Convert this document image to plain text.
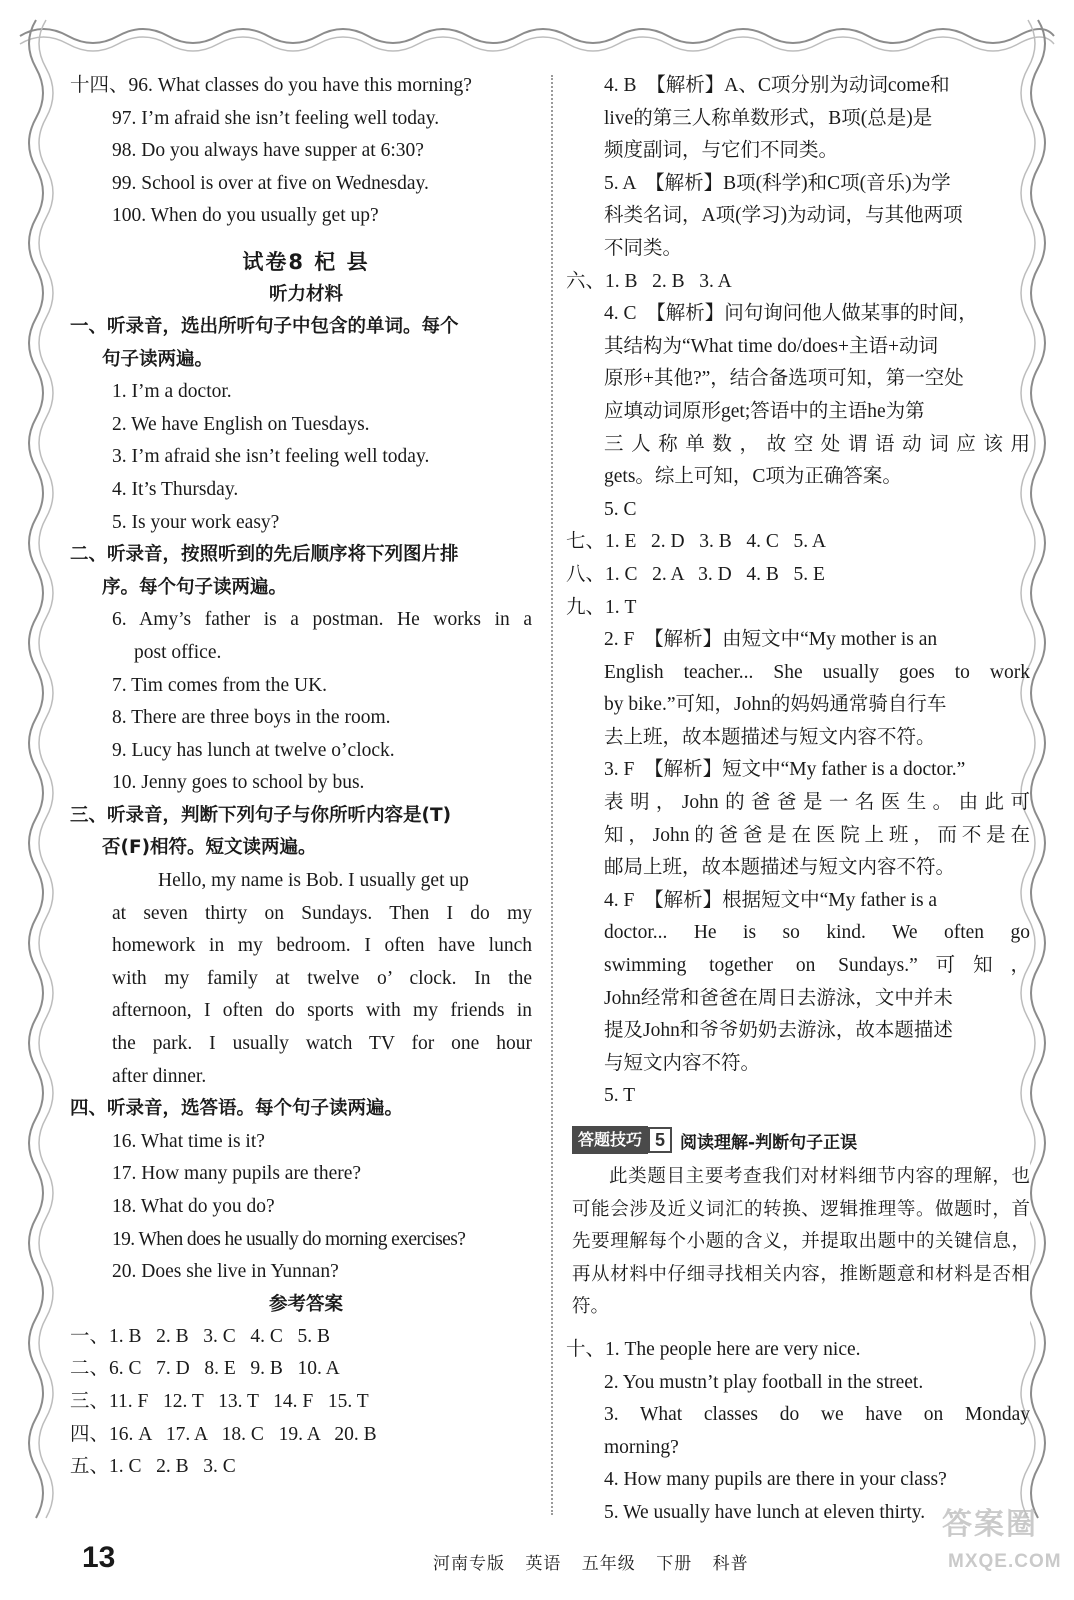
十四、96. What classes do you have this morning?
97. I’m afraid she isn’t feeling well today.
98. Do you always have supper at 6:30?
99. School is over at five on Wednesday.
100. When do you usually get up?
试卷8 杞 县
听力材料
一、听录音，选出所听句子中包含的单词。每个
句子读两遍。
1. I’m a doctor.
2. We have English on Tuesdays.
3. I’m afraid she isn’t feeling well today.
4. It’s Thursday.
5. Is your work easy?
二、听录音，按照听到的先后顺序将下列图片排
序。每个句子读两遍。
6. Amy’s father is a postman. He works in a
post office.
7. Tim comes from the UK.
8. There are three boys in the room.
9. Lucy has lunch at twelve o’clock.
10. Jenny goes to school by bus.
三、听录音，判断下列句子与你所听内容是(T)
否(F)相符。短文读两遍。
Hello, my name is Bob. I usually get up
at seven thirty on Sundays. Then I do my
homework in my bedroom. I often have lunch
with my family at twelve o’ clock. In the
afternoon, I often do sports with my friends in
the park. I usually watch TV for one hour
after dinner.
四、听录音，选答语。每个句子读两遍。
16. What time is it?
17. How many pupils are there?
18. What do you do?
19. When does he usually do morning exercises?
20. Does she live in Yunnan?
参考答案
一、1. B   2. B   3. C   4. C   5. B
二、6. C   7. D   8. E   9. B   10. A
三、11. F   12. T   13. T   14. F   15. T
四、16. A   17. A   18. C   19. A   20. B
五、1. C   2. B   3. C
4. B  【解析】A、C项分别为动词come和
live的第三人称单数形式，B项(总是)是
频度副词，与它们不同类。
5. A  【解析】B项(科学)和C项(音乐)为学
科类名词，A项(学习)为动词，与其他两项
不同类。
六、1. B   2. B   3. A
4. C  【解析】问句询问他人做某事的时间，
其结构为“What time do/does+主语+动词
原形+其他?”，结合备选项可知，第一空处
应填动词原形get;答语中的主语he为第
三人称单数，故空处谓语动词应该用
gets。综上可知，C项为正确答案。
5. C
七、1. E   2. D   3. B   4. C   5. A
八、1. C   2. A   3. D   4. B   5. E
九、1. T
2. F  【解析】由短文中“My mother is an
English teacher... She usually goes to work
by bike.”可知，John的妈妈通常骑自行车
去上班，故本题描述与短文内容不符。
3. F  【解析】短文中“My father is a doctor.”
表明，John的爸爸是一名医生。由此可
知，John的爸爸是在医院上班，而不是在
邮局上班，故本题描述与短文内容不符。
4. F  【解析】根据短文中“My father is a
doctor... He is so kind. We often go
swimming together on Sundays.”可知，
John经常和爸爸在周日去游泳，文中并未
提及John和爷爷奶奶去游泳，故本题描述
与短文内容不符。
5. T
答题技巧 5 阅读理解-判断句子正误
此类题目主要考查我们对材料细节内容的理解，也可能会涉及近义词汇的转换、逻辑推理等。做题时，首先要理解每个小题的含义，并提取出题中的关键信息，再从材料中仔细寻找相关内容，推断题意和材料是否相符。
十、1. The people here are very nice.
2. You mustn’t play football in the street.
3. What classes do we have on Monday
morning?
4. How many pupils are there in your class?
5. We usually have lunch at eleven thirty.
13	河南专版 英语 五年级 下册 科普
答案圈
MXQE.COM
